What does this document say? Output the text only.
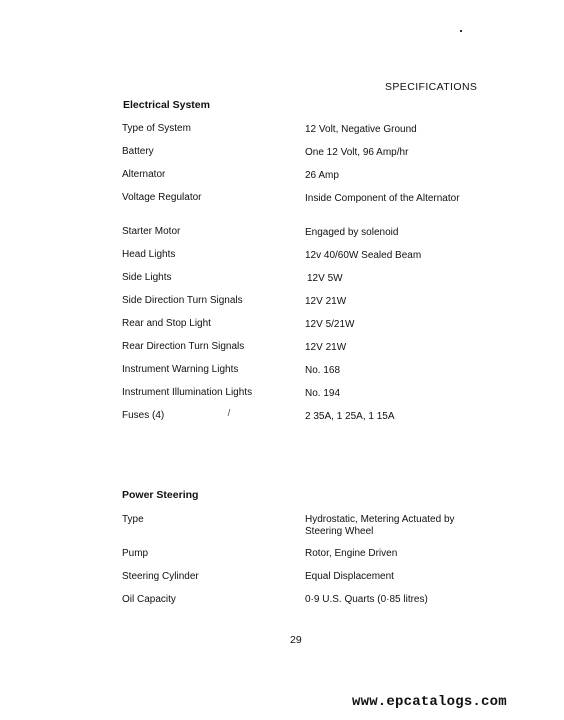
SPECIFICATIONS
Electrical System
Type of System	12 Volt, Negative Ground
Battery	One 12 Volt, 96 Amp/hr
Alternator	26 Amp
Voltage Regulator	Inside Component of the Alternator
Starter Motor	Engaged by solenoid
Head Lights	12v 40/60W Sealed Beam
Side Lights	12V 5W
Side Direction Turn Signals	12V 21W
Rear and Stop Light	12V 5/21W
Rear Direction Turn Signals	12V 21W
Instrument Warning Lights	No. 168
Instrument Illumination Lights	No. 194
Fuses (4)	2 35A, 1 25A, 1 15A
Power Steering
Type	Hydrostatic, Metering Actuated by Steering Wheel
Pump	Rotor, Engine Driven
Steering Cylinder	Equal Displacement
Oil Capacity	0·9 U.S. Quarts (0·85 litres)
29
www.epcatalogs.com
